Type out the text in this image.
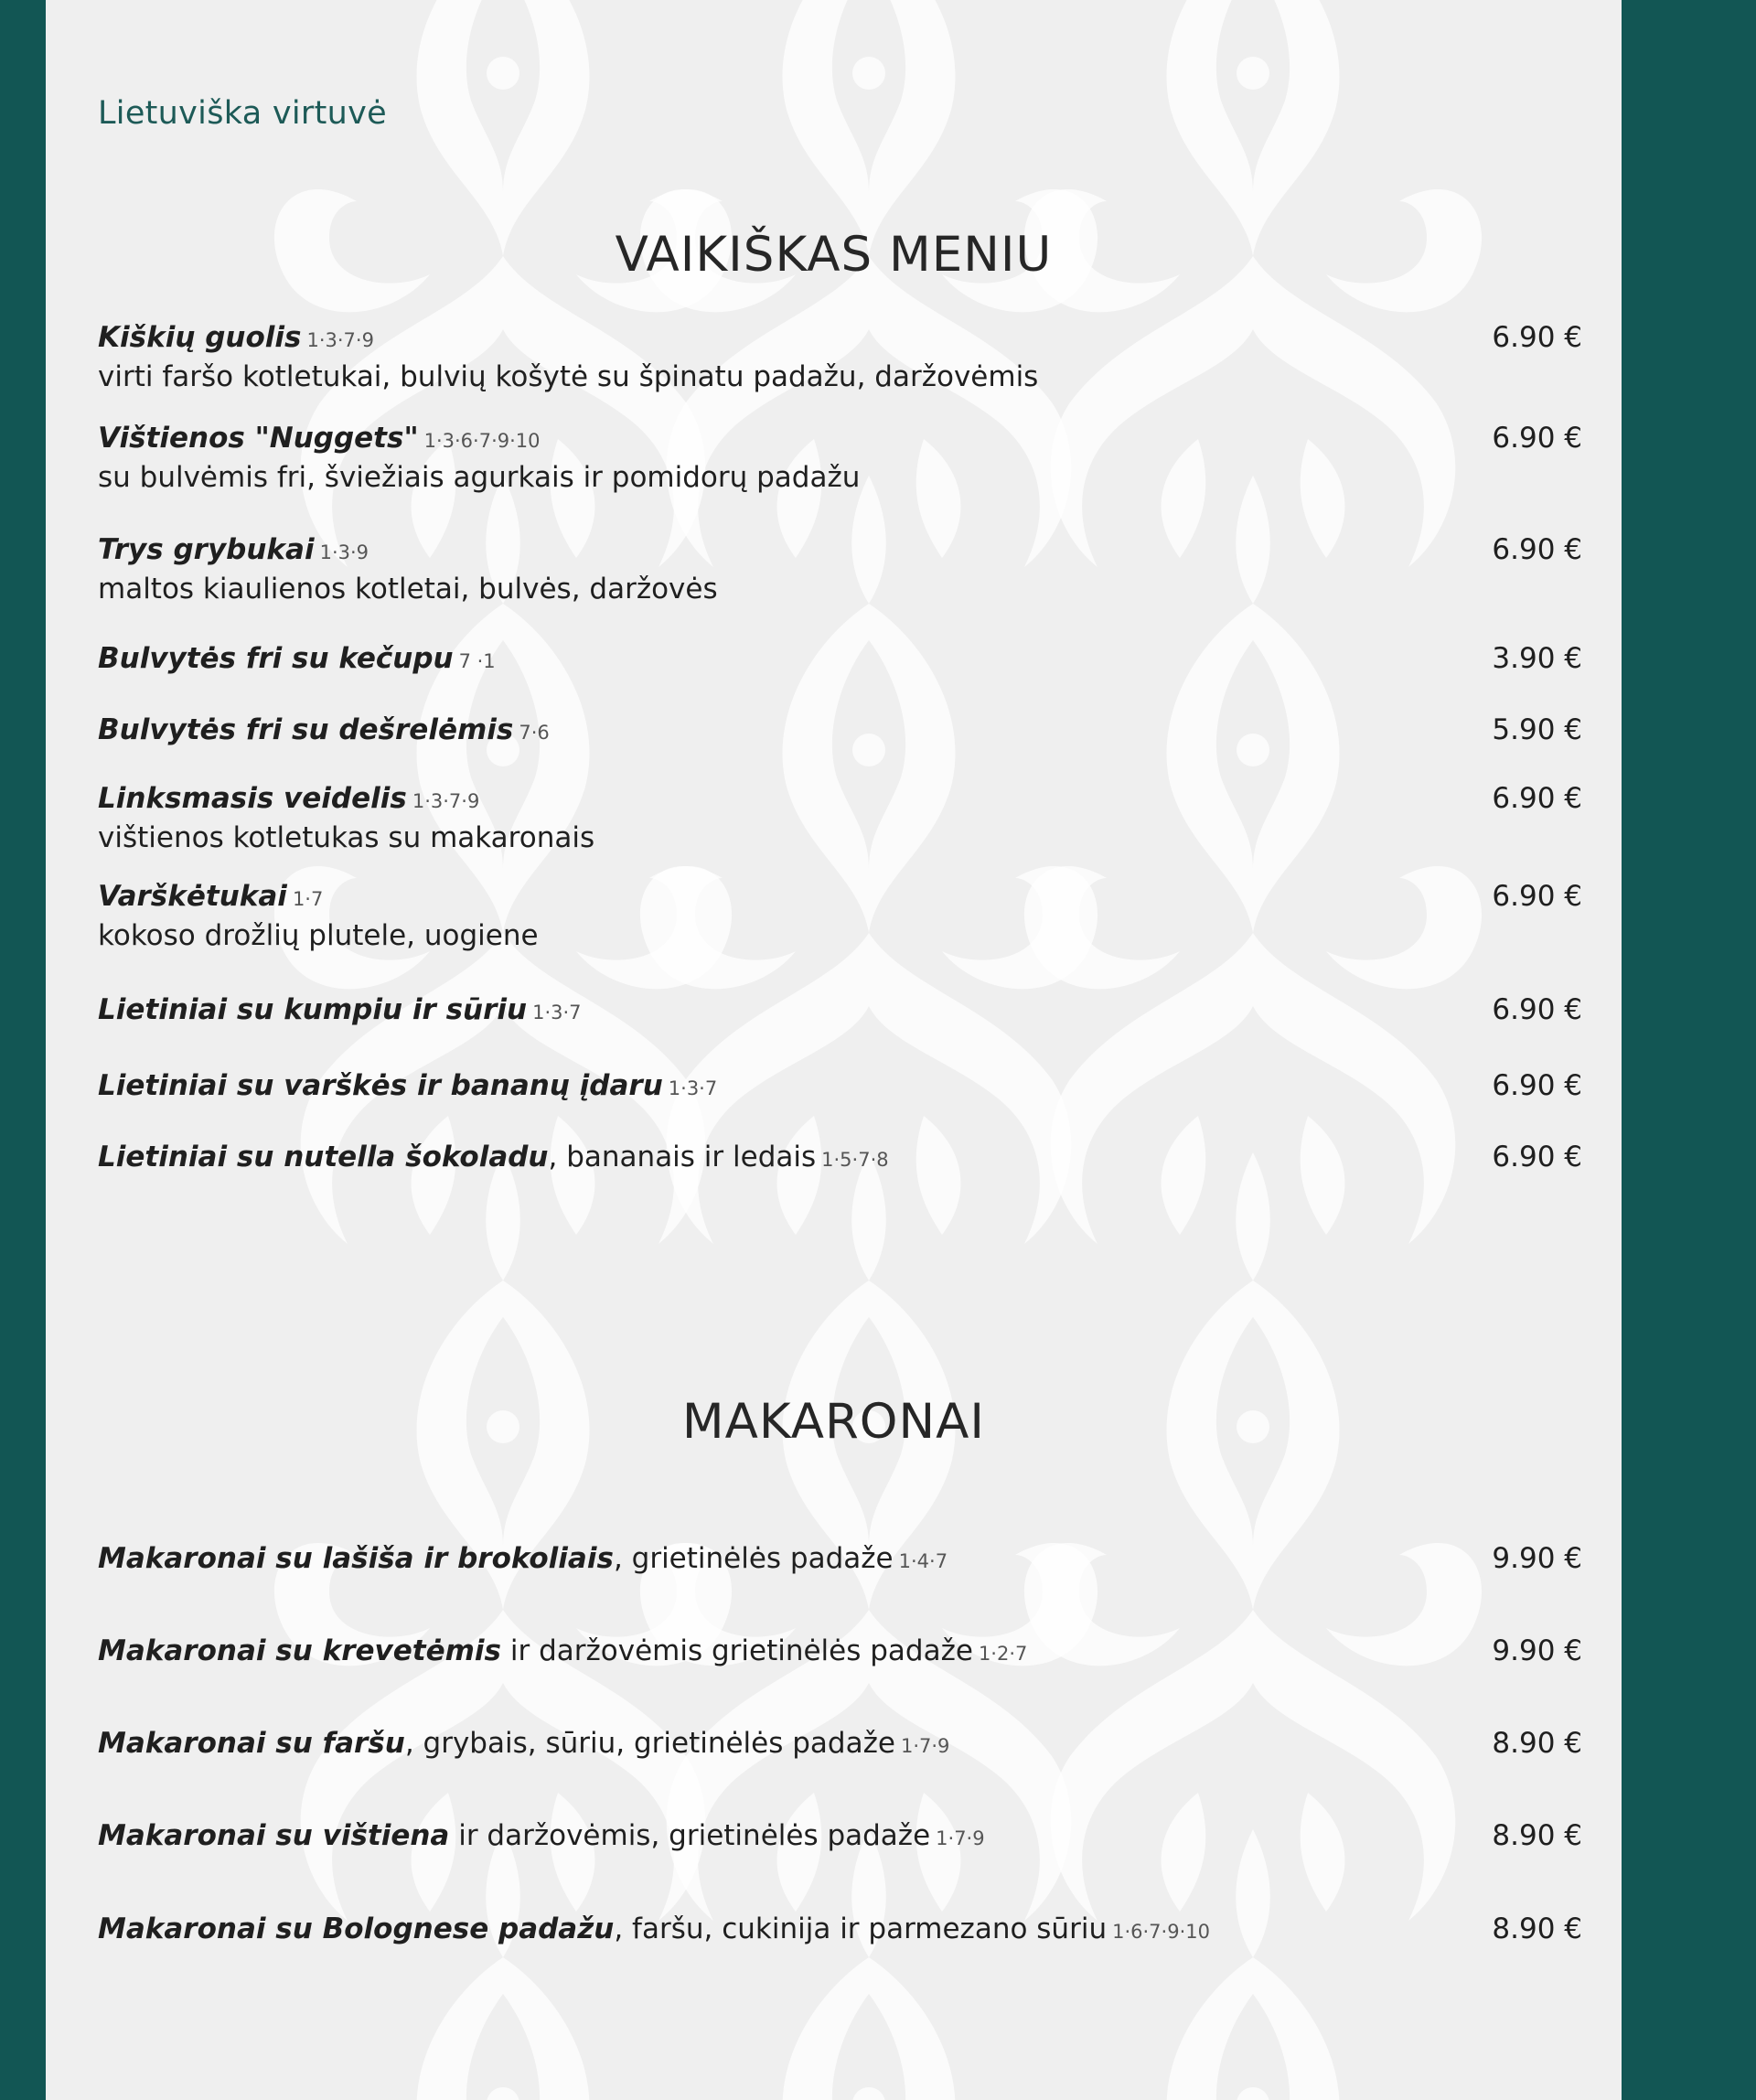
Lietuviška virtuvė
VAIKIŠKAS MENIU
Kiškių guolis 1·3·7·9
virti faršo kotletukai, bulvių košytė su špinatu padažu, daržovėmis
6.90 €
Vištienos "Nuggets" 1·3·6·7·9·10
su bulvėmis fri, šviežiais agurkais ir pomidorų padažu
6.90 €
Trys grybukai 1·3·9
maltos kiaulienos kotletai, bulvės, daržovės
6.90 €
Bulvytės fri su kečupu 7 ·1	3.90 €
Bulvytės fri su dešrelėmis 7·6	5.90 €
Linksmasis veidelis 1·3·7·9
vištienos kotletukas su makaronais
6.90 €
Varškėtukai 1·7
kokoso drožlių plutele, uogiene
6.90 €
Lietiniai su kumpiu ir sūriu 1·3·7	6.90 €
Lietiniai su varškės ir bananų įdaru 1·3·7	6.90 €
Lietiniai su nutella šokoladu, bananais ir ledais 1·5·7·8	6.90 €
MAKARONAI
Makaronai su lašiša ir brokoliais, grietinėlės padaže 1·4·7	9.90 €
Makaronai su krevetėmis ir daržovėmis grietinėlės padaže 1·2·7	9.90 €
Makaronai su faršu, grybais, sūriu, grietinėlės padaže 1·7·9	8.90 €
Makaronai su vištiena ir daržovėmis, grietinėlės padaže 1·7·9	8.90 €
Makaronai su Bolognese padažu, faršu, cukinija ir parmezano sūriu 1·6·7·9·10	8.90 €
